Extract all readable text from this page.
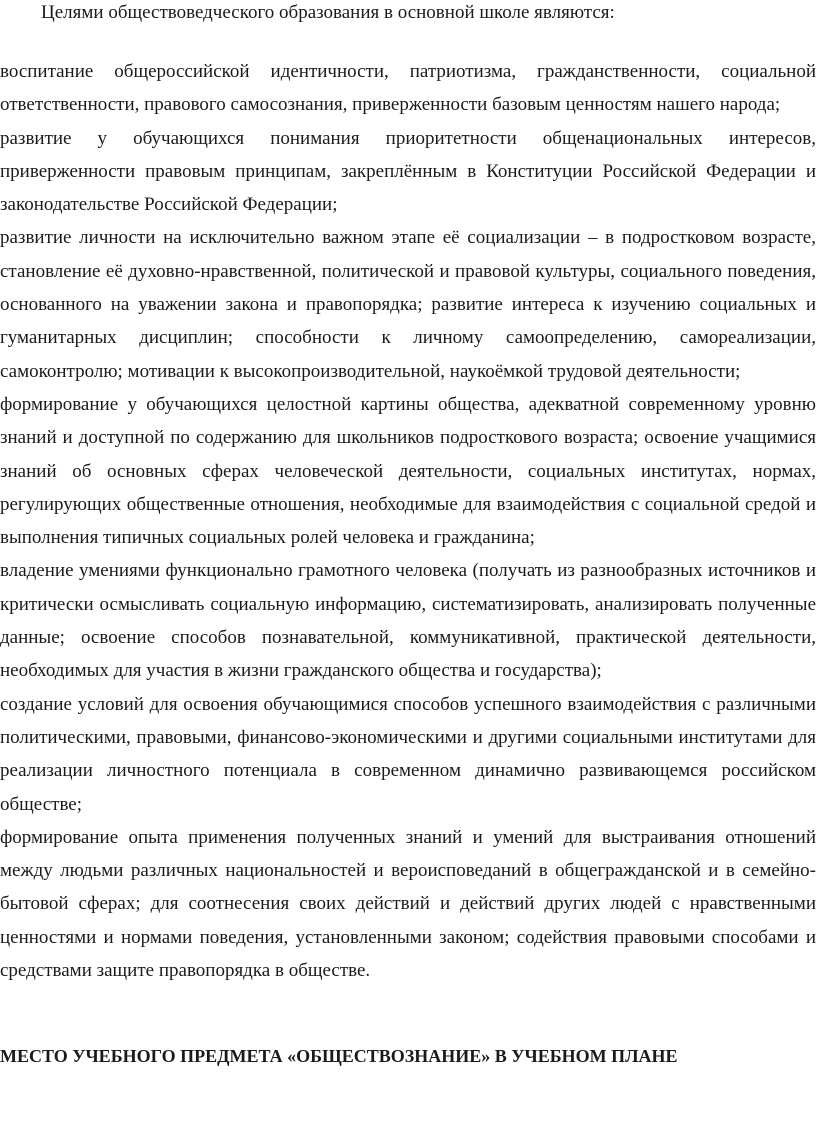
Целями обществоведческого образования в основной школе являются:

воспитание общероссийской идентичности, патриотизма, гражданственности, социальной ответственности, правового самосознания, приверженности базовым ценностям нашего народа;

развитие у обучающихся понимания приоритетности общенациональных интересов, приверженности правовым принципам, закреплённым в Конституции Российской Федерации и законодательстве Российской Федерации;

развитие личности на исключительно важном этапе её социализации – в подростковом возрасте, становление её духовно-нравственной, политической и правовой культуры, социального поведения, основанного на уважении закона и правопорядка; развитие интереса к изучению социальных и гуманитарных дисциплин; способности к личному самоопределению, самореализации, самоконтролю; мотивации к высокопроизводительной, наукоёмкой трудовой деятельности;

формирование у обучающихся целостной картины общества, адекватной современному уровню знаний и доступной по содержанию для школьников подросткового возраста; освоение учащимися знаний об основных сферах человеческой деятельности, социальных институтах, нормах, регулирующих общественные отношения, необходимые для взаимодействия с социальной средой и выполнения типичных социальных ролей человека и гражданина;

владение умениями функционально грамотного человека (получать из разнообразных источников и критически осмысливать социальную информацию, систематизировать, анализировать полученные данные; освоение способов познавательной, коммуникативной, практической деятельности, необходимых для участия в жизни гражданского общества и государства);

создание условий для освоения обучающимися способов успешного взаимодействия с различными политическими, правовыми, финансово-экономическими и другими социальными институтами для реализации личностного потенциала в современном динамично развивающемся российском обществе;

формирование опыта применения полученных знаний и умений для выстраивания отношений между людьми различных национальностей и вероисповеданий в общегражданской и в семейно-бытовой сферах; для соотнесения своих действий и действий других людей с нравственными ценностями и нормами поведения, установленными законом; содействия правовыми способами и средствами защите правопорядка в обществе.

МЕСТО УЧЕБНОГО ПРЕДМЕТА «ОБЩЕСТВОЗНАНИЕ» В УЧЕБНОМ ПЛАНЕ
